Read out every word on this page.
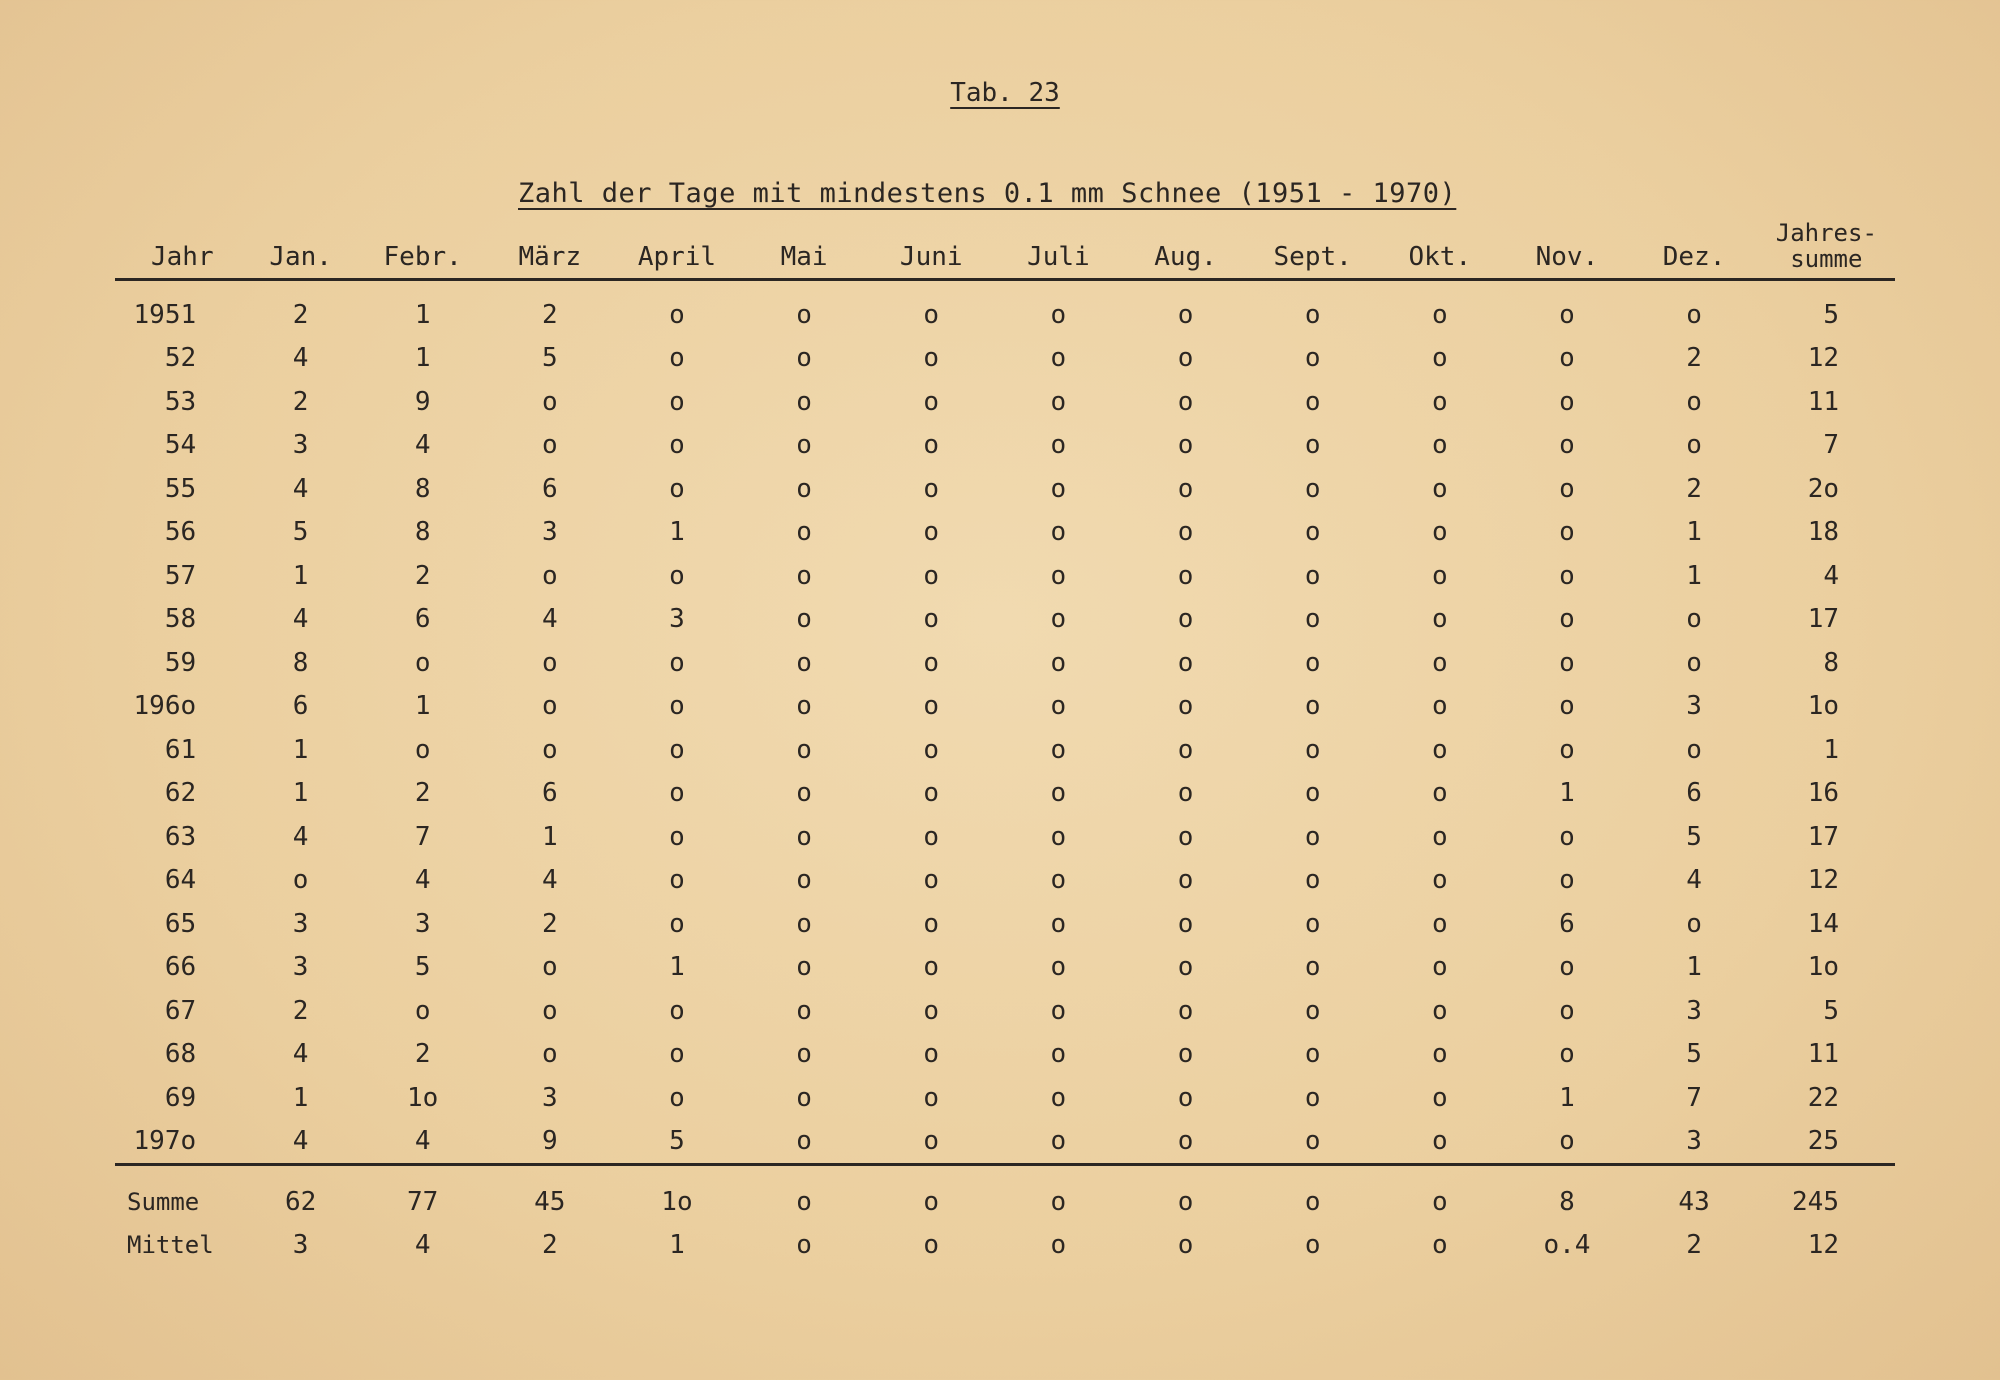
Tab. 23
Zahl der Tage mit mindestens 0.1 mm Schnee (1951 - 1970)
Jahr	Jan.	Febr.	März	April	Mai	Juni	Juli	Aug.	Sept.	Okt.	Nov.	Dez.	Jahres-
summe

1951	2	1	2	o	o	o	o	o	o	o	o	o	5
52	4	1	5	o	o	o	o	o	o	o	o	2	12
53	2	9	o	o	o	o	o	o	o	o	o	o	11
54	3	4	o	o	o	o	o	o	o	o	o	o	7
55	4	8	6	o	o	o	o	o	o	o	o	2	2o
56	5	8	3	1	o	o	o	o	o	o	o	1	18
57	1	2	o	o	o	o	o	o	o	o	o	1	4
58	4	6	4	3	o	o	o	o	o	o	o	o	17
59	8	o	o	o	o	o	o	o	o	o	o	o	8
196o	6	1	o	o	o	o	o	o	o	o	o	3	1o
61	1	o	o	o	o	o	o	o	o	o	o	o	1
62	1	2	6	o	o	o	o	o	o	o	1	6	16
63	4	7	1	o	o	o	o	o	o	o	o	5	17
64	o	4	4	o	o	o	o	o	o	o	o	4	12
65	3	3	2	o	o	o	o	o	o	o	6	o	14
66	3	5	o	1	o	o	o	o	o	o	o	1	1o
67	2	o	o	o	o	o	o	o	o	o	o	3	5
68	4	2	o	o	o	o	o	o	o	o	o	5	11
69	1	1o	3	o	o	o	o	o	o	o	1	7	22
197o	4	4	9	5	o	o	o	o	o	o	o	3	25
Summe	62	77	45	1o	o	o	o	o	o	o	8	43	245
Mittel	3	4	2	1	o	o	o	o	o	o	o.4	2	12
